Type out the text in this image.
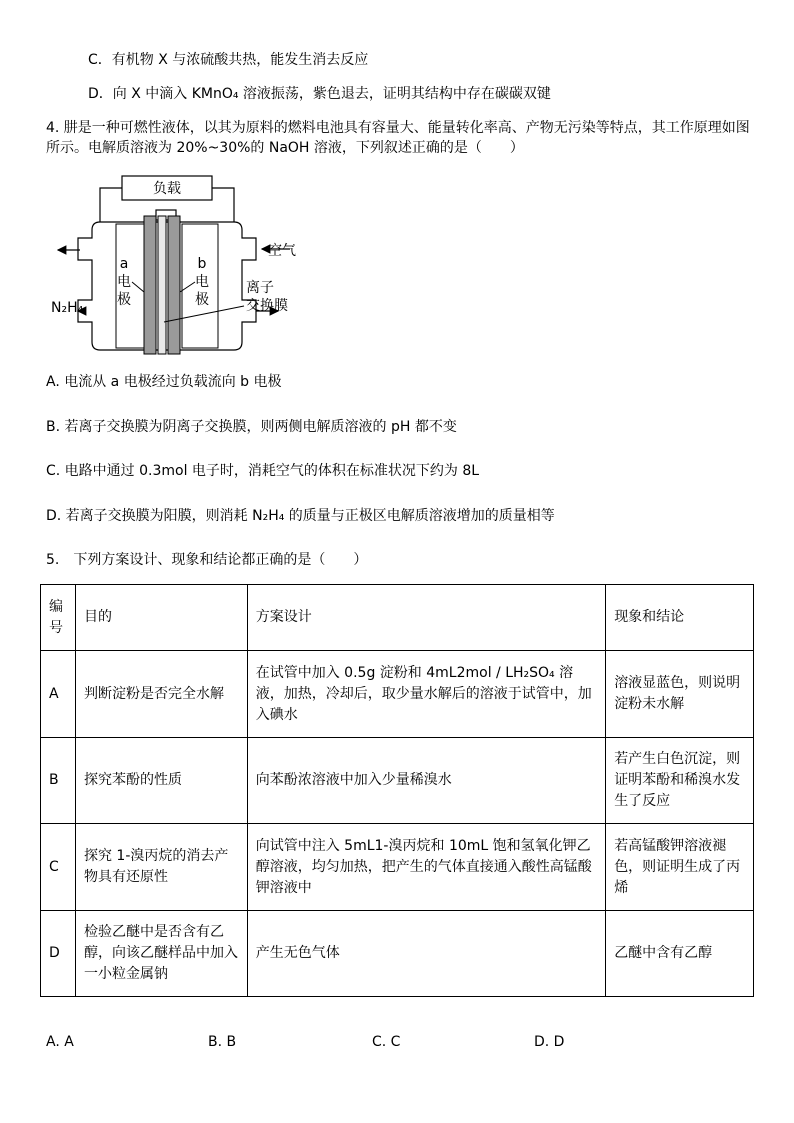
C．有机物 X 与浓硫酸共热，能发生消去反应
D．向 X 中滴入 KMnO₄ 溶液振荡，紫色退去，证明其结构中存在碳碳双键
4. 肼是一种可燃性液体，以其为原料的燃料电池具有容量大、能量转化率高、产物无污染等特点，其工作原理如图
所示。电解质溶液为 20%~30%的 NaOH 溶液，下列叙述正确的是（　　）
负载
a
电
极
b
电
极
空气
N₂H₄
离子
交换膜
A. 电流从 a 电极经过负载流向 b 电极
B. 若离子交换膜为阴离子交换膜，则两侧电解质溶液的 pH 都不变
C. 电路中通过 0.3mol 电子时，消耗空气的体积在标准状况下约为 8L
D. 若离子交换膜为阳膜，则消耗 N₂H₄ 的质量与正极区电解质溶液增加的质量相等
5.　下列方案设计、现象和结论都正确的是（　　）
编号	目的	方案设计	现象和结论
A	判断淀粉是否完全水解	在试管中加入 0.5g 淀粉和 4mL2mol / LH₂SO₄ 溶液，加热，冷却后，取少量水解后的溶液于试管中，加入碘水	溶液显蓝色，则说明淀粉未水解
B	探究苯酚的性质	向苯酚浓溶液中加入少量稀溴水	若产生白色沉淀，则证明苯酚和稀溴水发生了反应
C	探究 1-溴丙烷的消去产物具有还原性	向试管中注入 5mL1-溴丙烷和 10mL 饱和氢氧化钾乙醇溶液，均匀加热，把产生的气体直接通入酸性高锰酸钾溶液中	若高锰酸钾溶液褪色，则证明生成了丙烯
D	检验乙醚中是否含有乙醇，向该乙醚样品中加入一小粒金属钠	产生无色气体	乙醚中含有乙醇
A. A	B. B	C. C	D. D
